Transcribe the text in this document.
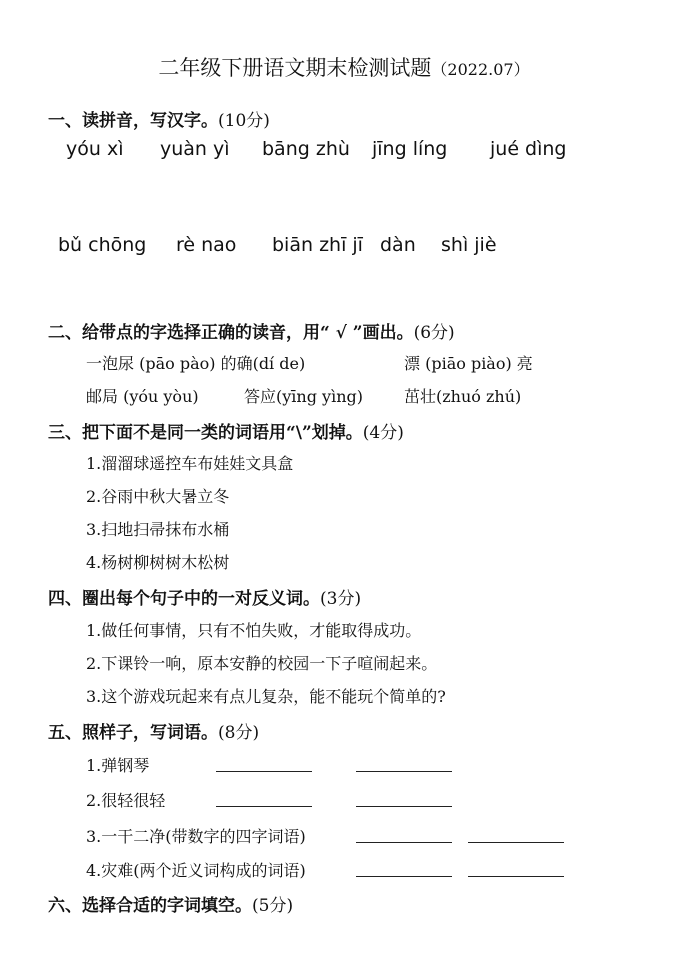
二年级下册语文期末检测试题（2022.07）
一、读拼音，写汉字。(10分)
yóu xì yuàn yì bāng zhù jīng líng jué dìng
bǔ chōng rè nao biān zhī jī dàn shì jiè
二、给带点的字选择正确的读音，用“ √ ”画出。(6分)
一泡尿 (pāo pào) 的确(dí de)	漂 (piāo piào) 亮
邮局 (yóu yòu)	答应(yīng yìng)	茁壮(zhuó zhú)
三、把下面不是同一类的词语用“\”划掉。(4分)
1.溜溜球遥控车布娃娃文具盒
2.谷雨中秋大暑立冬
3.扫地扫帚抹布水桶
4.杨树柳树树木松树
四、圈出每个句子中的一对反义词。(3分)
1.做任何事情，只有不怕失败，才能取得成功。
2.下课铃一响，原本安静的校园一下子喧闹起来。
3.这个游戏玩起来有点儿复杂，能不能玩个简单的?
五、照样子，写词语。(8分)
1.弹钢琴
2.很轻很轻
3.一干二净(带数字的四字词语)
4.灾难(两个近义词构成的词语)
六、选择合适的字词填空。(5分)
